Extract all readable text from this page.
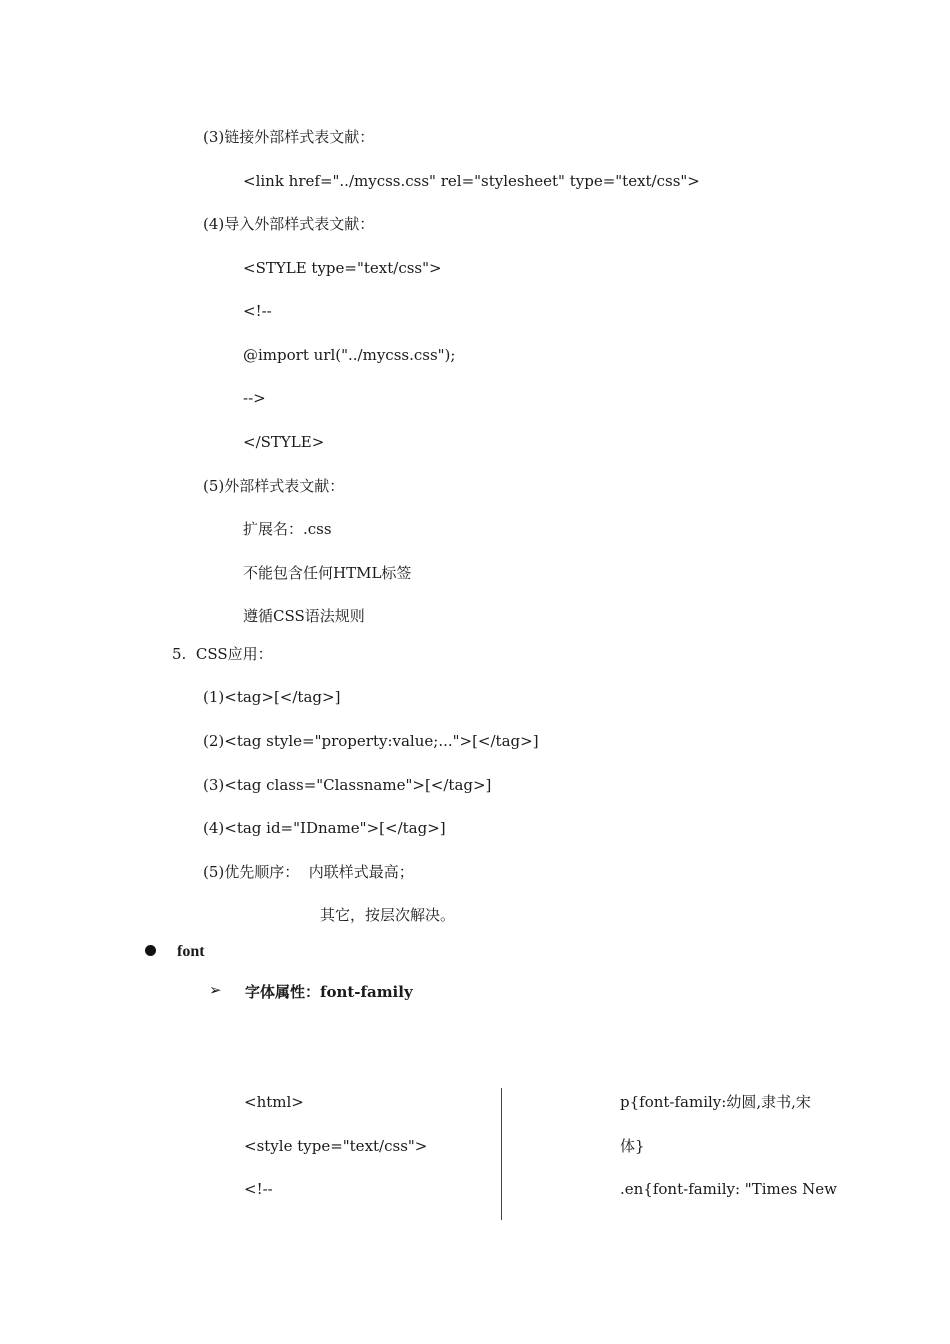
(3)链接外部样式表文献：
<link href="../mycss.css" rel="stylesheet" type="text/css">
(4)导入外部样式表文献：
<STYLE type="text/css">
<!--
@import url("../mycss.css");
-->
</STYLE>
(5)外部样式表文献：
扩展名：.css
不能包含任何HTML标签
遵循CSS语法规则
5.  CSS应用：
(1)<tag>[</tag>]
(2)<tag style="property:value;...">[</tag>]
(3)<tag class="Classname">[</tag>]
(4)<tag id="IDname">[</tag>]
(5)优先顺序：  内联样式最高；
其它，按层次解决。
font
➢ 字体属性：font-family
<html>
<style type="text/css">
<!--
p{font-family:幼圆,隶书,宋
体}
.en{font-family: "Times New
